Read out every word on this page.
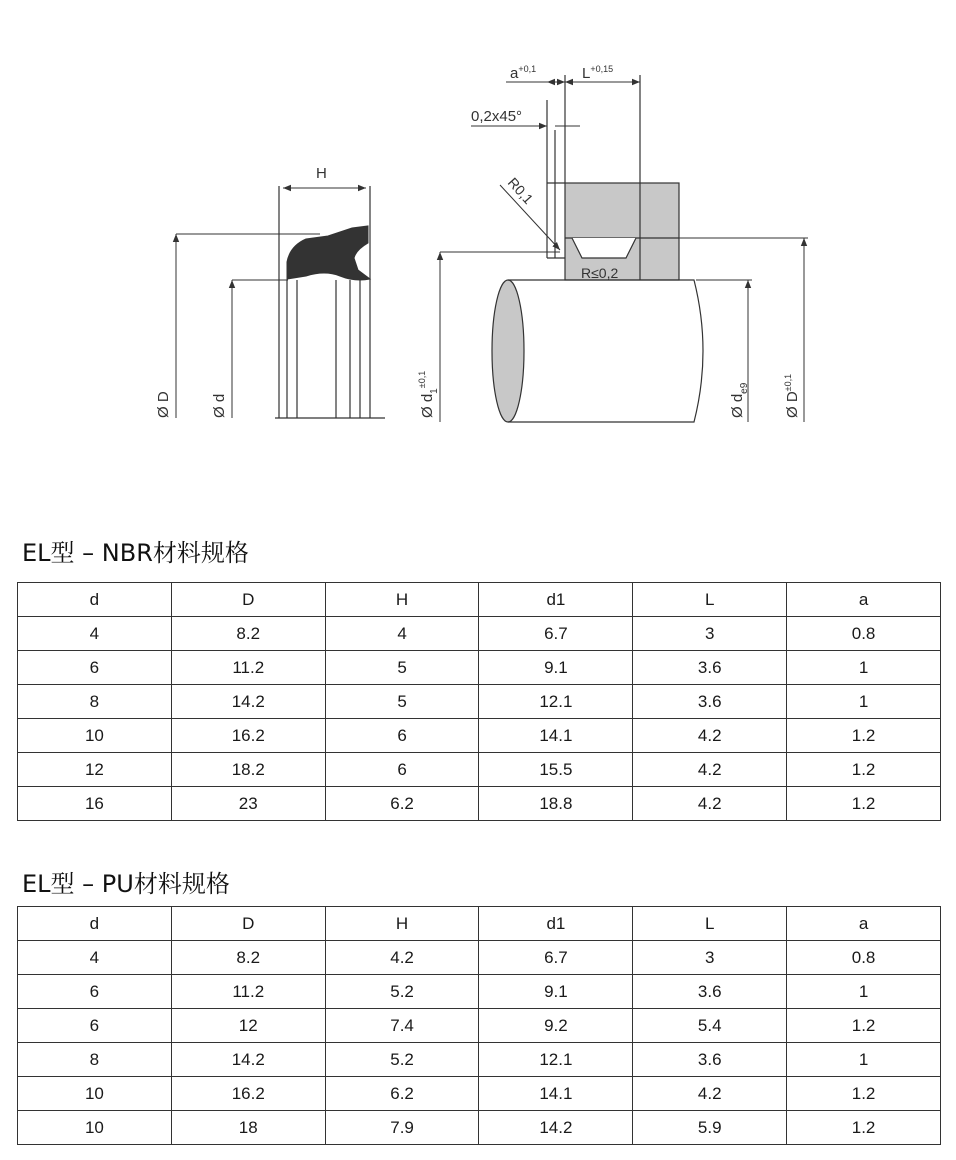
H
Ø D	Ø d
$a^{+0,1}$	$L^{+0,15}$
0,2x45°
R0,1
R≤0,2
Ø $d_1^{\pm 0,1}$
Ø $d_{e9}$
Ø $D^{\pm 0,1}$
EL型 – NBR材料规格
d	D	H	d1	L	a
4	8.2	4	6.7	3	0.8
6	11.2	5	9.1	3.6	1
8	14.2	5	12.1	3.6	1
10	16.2	6	14.1	4.2	1.2
12	18.2	6	15.5	4.2	1.2
16	23	6.2	18.8	4.2	1.2
EL型 – PU材料规格
d	D	H	d1	L	a
4	8.2	4.2	6.7	3	0.8
6	11.2	5.2	9.1	3.6	1
6	12	7.4	9.2	5.4	1.2
8	14.2	5.2	12.1	3.6	1
10	16.2	6.2	14.1	4.2	1.2
10	18	7.9	14.2	5.9	1.2
